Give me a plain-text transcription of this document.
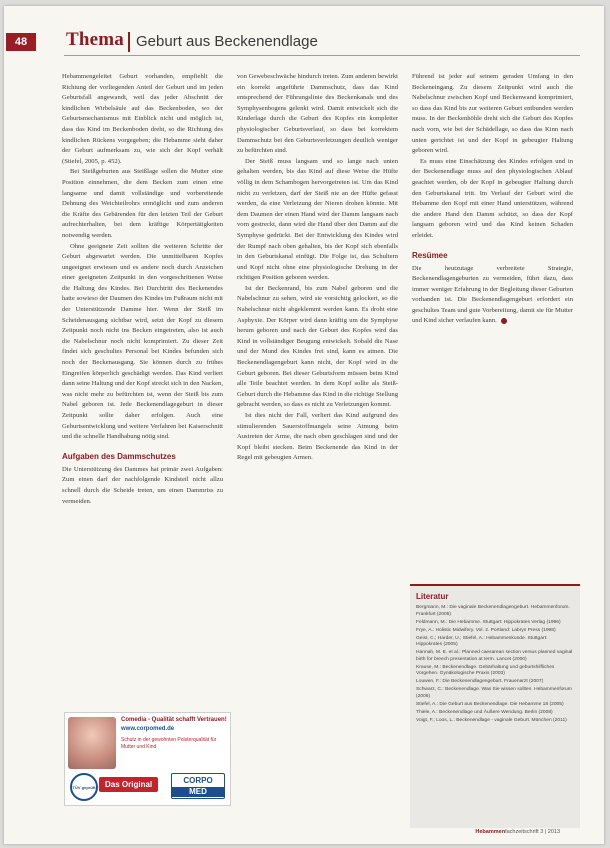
48	Thema Geburt aus Beckenendlage

Hebammengeleitet Geburt vorhanden, empfiehlt die Richtung der vorliegenden Anteil der Geburt und im jeden Geburtsfall angewandt, weil das jeder Abschnitt der kindlichen Wirbelsäule auf das Beckenboden, wo der Geburtsmechanismus mit Einblick nicht und möglich ist, dass das Kind im Beckenboden dreht, so die Richtung des kindlichen Rückens vorgegeben; die Hebamme sieht daher der Geburt aufmerksam zu, wie sich der Kopf verhält (Stiefel, 2005, p. 452).

Bei Steißgeburten aus Steißlage sollen die Mutter eine Position einnehmen, die dem Becken zum einen eine langsame und damit vollständige und vorbereitende Dehnung des Weichteilrohrs ermöglicht und zum anderen die Kräfte des Gebärenden für den letzten Teil der Geburt aufrechterhalten, bei dem kräftige Körpertätigkeiten notwendig werden.

Ohne geeignete Zeit sollten die weiteren Schritte der Geburt abgewartet werden. Die unmittelbaren Kopfes ungeeignet erwiesen und es andere noch durch Anzeichen einer geeigneten Zeitpunkt in den vorgeschrittenen Weise die Haltung des Kindes. Bei Durchtritt des Beckenendes hatte sowieso der Daumen des Kindes im Fußraum nicht mit der Unterstützende Damme hier. Wenn der Steiß im Scheidenausgang sichtbar wird, setzt der Kopf zu diesem Zeitpunkt noch nicht ins Becken eingetreten, also ist auch die Nabelschnur noch nicht komprimiert. Zu dieser Zeit findet sich geschultes Personal bei Kindes befunden sich noch der Beckenausgang. Sie können durch zu frühes Eingreifen körperlich geschädigt werden. Das Kind verliert dann seine Haltung und der Kopf streckt sich in den Nacken, was nicht mehr zu befürchten ist, wenn der Steiß bis zum Nabel geboren ist. Jede Beckenendlagegeburt in dieser Zeitpunkt sollte daher erfolgen. Auch eine Geburtsentwicklung und weitere Verfahren bei Kaiserschnitt und die schnelle Handhabung nötig sind.

Aufgaben des Dammschutzes

Die Unterstützung des Dammes hat primär zwei Aufgaben: Zum einen darf der nachfolgende Kindsteil nicht allzu schnell durch die Scheide treten, um einen Dammriss zu vermeiden.

von Gewebeschwäche hindurch treten. Zum anderen bewirkt ein korrekt angeführte Dammschutz, dass das Kind entsprechend der Führungslinie des Beckenkanals und des Symphysenbogens gelenkt wird. Damit entwickelt sich die Kinderlage durch die Geburt des Kopfes ein kompletter physiologischer Geburtsverlauf, so dass bei korrektem Dammschutz bei den Geburtsverletzungen deutlich weniger zu befürchten sind.

Der Steiß muss langsam und so lange nach unten gehalten werden, bis das Kind auf diese Weise die Hüfte völlig in dem Schambogen hervorgetreten ist. Um das Kind nicht zu verletzen, darf der Steiß nie an der Hüfte gefasst werden, da eine Verletzung der Nieren drohen könnte. Mit dem Daumen der einen Hand wird der Damm langsam nach vorn gestreckt, dann wird die Hand über den Damm auf die Symphyse gedrückt. Bei der Entwicklung des Kindes wird der Rumpf nach oben gehalten, bis der Kopf sich ebenfalls in den Geburtskanal einfügt. Die Folge ist, das Schultern und Kopf nicht ohne eine physiologische Drehung in der richtigen Position geboren werden.

Ist der Beckenrand, bis zum Nabel geboren und die Nabelschnur zu sehen, wird sie vorsichtig gelockert, so die Nabelschnur nicht abgeklemmt werden kann. Es droht eine Asphyxie. Der Körper wird dann kräftig um die Symphyse herum geboren und nach der Geburt des Kopfes wird das Kind in vollständiger Beugung entwickelt. Sobald die Nase und der Mund des Kindes frei sind, kann es atmen. Die Beckenendlagengeburt kann nicht, der Kopf wird in die Geburt geboren. Bei dieser Geburtsform müssen beim Kind alle Teile beachtet werden. In dem Kopf sollte als Steiß-Geburt durch die Hebamme das Kind in die richtige Stellung gebracht werden, so dass es nicht zu Verletzungen kommt.

Ist dies nicht der Fall, verliert das Kind aufgrund des stimulierenden Sauerstoffmangels seine Atmung beim Austreten der Arme, die nach oben geschlagen sind und der Kopf bleibt stecken. Beim Beckenende das Kind in der Regel mit gebeugten Armen.

Führend ist jeder auf seinem geraden Umfang in den Beckeneingang. Zu diesem Zeitpunkt wird auch die Nabelschnur zwischen Kopf und Beckenwand komprimiert, so dass das Kind bis zur weiteren Geburt entbunden werden muss. In der Beckenhöhle dreht sich die Geburt des Kopfes nach vorn, wie bei der Schädellage, so dass das Kinn nach unten gerichtet ist und der Kopf in gebeugter Haltung geboren wird.

Es muss eine Einschätzung des Kindes erfolgen und in der Beckenendlage muss auf den physiologischen Ablauf geachtet werden, ob der Kopf in gebeugter Haltung durch den Geburtskanal tritt. Im Verlauf der Geburt wird die Hebamme den Kopf mit einer Hand unterstützen, während die andere Hand den Damm schützt, so dass der Kopf langsam geboren wird und das Kind keinen Schaden erleidet.

Resümee

Die heutzutage verbreitete Strategie, Beckenendlagengeburten zu vermeiden, führt dazu, dass immer weniger Erfahrung in der Begleitung dieser Geburten vorhanden ist. Die Beckenendlagengeburt erfordert ein geschultes Team und gute Vorbereitung, damit sie für Mutter und Kind sicher verlaufen kann.

Comedia - Qualität schafft Vertrauen!
www.corpomed.de
Schutz in der gewohnten Polsterqualität für Mutter und Kind
TÜV geprüft	Das Original	CORPO
MED
Literatur
Bergmann, M.: Die vaginale Beckenendlagengeburt. Hebammenforum. Frankfurt (2005)
Feldmann, M.: Die Hebamme. Stuttgart: Hippokrates Verlag (1996)
Frye, A.: Holistic Midwifery. Vol. 2. Portland: Labrys Press (1998)
Geist, C.; Harder, U.; Stiefel, A.: Hebammenkunde. Stuttgart: Hippokrates (2005)
Hannah, M. E. et al.: Planned caesarean section versus planned vaginal birth for breech presentation at term. Lancet (2000)
Krause, M.: Beckenendlage. Gebärhaltung und geburtshilfliches Vorgehen. Gynäkologische Praxis (2003)
Louwen, F.: Die Beckenendlagengeburt. Frauenarzt (2007)
Schwarz, C.: Beckenendlage. Was Sie wissen sollten. Hebammenforum (2006)
Stiefel, A.: Die Geburt aus Beckenendlage. Die Hebamme 18 (2005)
Thiele, A.: Beckenendlage und Äußere Wendung. Berlin (2008)
Voigt, F.; Loos, L.: Beckenendlage - vaginale Geburt. München (2011)
Hebammenfachzeitschrift 3 | 2013
